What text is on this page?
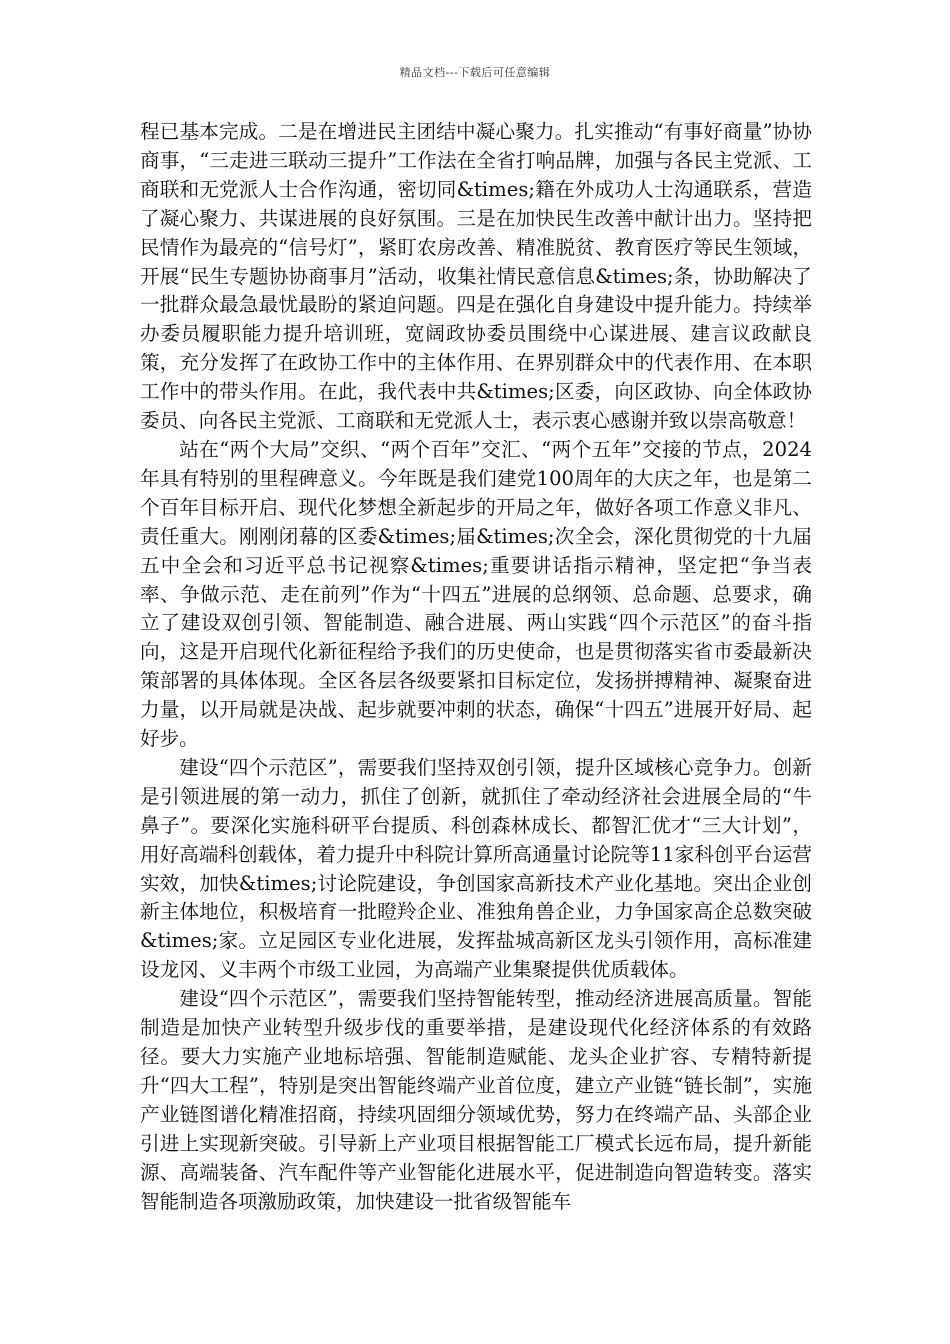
精品文档---下载后可任意编辑

程已基本完成。二是在增进民主团结中凝心聚力。扎实推动“有事好商量”协协商事，“三走进三联动三提升”工作法在全省打响品牌，加强与各民主党派、工商联和无党派人士合作沟通，密切同&times;籍在外成功人士沟通联系，营造了凝心聚力、共谋进展的良好氛围。三是在加快民生改善中献计出力。坚持把民情作为最亮的“信号灯”，紧盯农房改善、精准脱贫、教育医疗等民生领域，开展“民生专题协协商事月”活动，收集社情民意信息&times;条，协助解决了一批群众最急最忧最盼的紧迫问题。四是在强化自身建设中提升能力。持续举办委员履职能力提升培训班，宽阔政协委员围绕中心谋进展、建言议政献良策，充分发挥了在政协工作中的主体作用、在界别群众中的代表作用、在本职工作中的带头作用。在此，我代表中共&times;区委，向区政协、向全体政协委员、向各民主党派、工商联和无党派人士，表示衷心感谢并致以崇高敬意！

站在“两个大局”交织、“两个百年”交汇、“两个五年”交接的节点，2024年具有特别的里程碑意义。今年既是我们建党100周年的大庆之年，也是第二个百年目标开启、现代化梦想全新起步的开局之年，做好各项工作意义非凡、责任重大。刚刚闭幕的区委&times;届&times;次全会，深化贯彻党的十九届五中全会和习近平总书记视察&times;重要讲话指示精神，坚定把“争当表率、争做示范、走在前列”作为“十四五”进展的总纲领、总命题、总要求，确立了建设双创引领、智能制造、融合进展、两山实践“四个示范区”的奋斗指向，这是开启现代化新征程给予我们的历史使命，也是贯彻落实省市委最新决策部署的具体体现。全区各层各级要紧扣目标定位，发扬拼搏精神、凝聚奋进力量，以开局就是决战、起步就要冲刺的状态，确保“十四五”进展开好局、起好步。

建设“四个示范区”，需要我们坚持双创引领，提升区域核心竞争力。创新是引领进展的第一动力，抓住了创新，就抓住了牵动经济社会进展全局的“牛鼻子”。要深化实施科研平台提质、科创森林成长、都智汇优才“三大计划”，用好高端科创载体，着力提升中科院计算所高通量讨论院等11家科创平台运营实效，加快&times;讨论院建设，争创国家高新技术产业化基地。突出企业创新主体地位，积极培育一批瞪羚企业、准独角兽企业，力争国家高企总数突破&times;家。立足园区专业化进展，发挥盐城高新区龙头引领作用，高标准建设龙冈、义丰两个市级工业园，为高端产业集聚提供优质载体。

建设“四个示范区”，需要我们坚持智能转型，推动经济进展高质量。智能制造是加快产业转型升级步伐的重要举措，是建设现代化经济体系的有效路径。要大力实施产业地标培强、智能制造赋能、龙头企业扩容、专精特新提升“四大工程”，特别是突出智能终端产业首位度，建立产业链“链长制”，实施产业链图谱化精准招商，持续巩固细分领域优势，努力在终端产品、头部企业引进上实现新突破。引导新上产业项目根据智能工厂模式长远布局，提升新能源、高端装备、汽车配件等产业智能化进展水平，促进制造向智造转变。落实智能制造各项激励政策，加快建设一批省级智能车
